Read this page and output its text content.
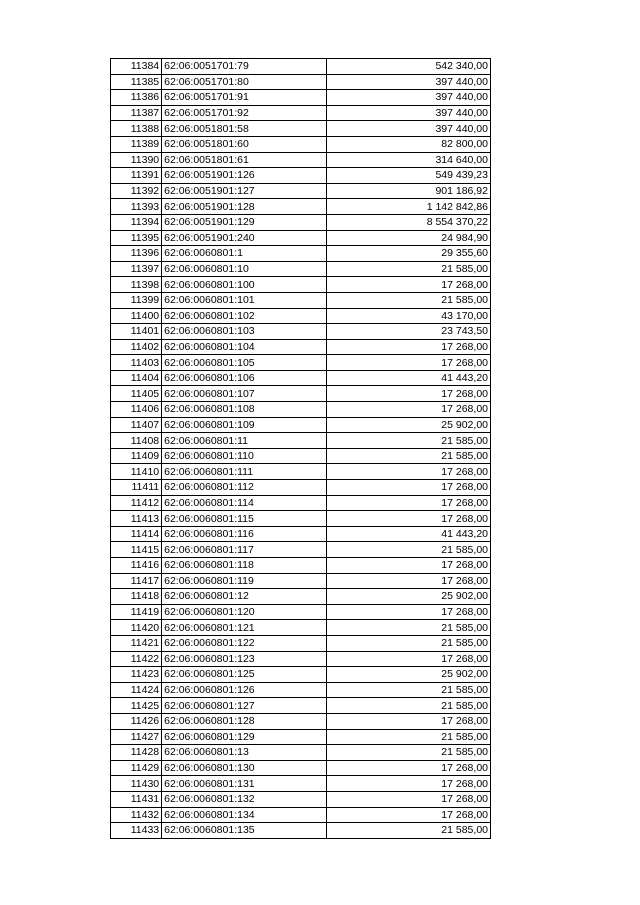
11384	62:06:0051701:79	542 340,00
11385	62:06:0051701:80	397 440,00
11386	62:06:0051701:91	397 440,00
11387	62:06:0051701:92	397 440,00
11388	62:06:0051801:58	397 440,00
11389	62:06:0051801:60	82 800,00
11390	62:06:0051801:61	314 640,00
11391	62:06:0051901:126	549 439,23
11392	62:06:0051901:127	901 186,92
11393	62:06:0051901:128	1 142 842,86
11394	62:06:0051901:129	8 554 370,22
11395	62:06:0051901:240	24 984,90
11396	62:06:0060801:1	29 355,60
11397	62:06:0060801:10	21 585,00
11398	62:06:0060801:100	17 268,00
11399	62:06:0060801:101	21 585,00
11400	62:06:0060801:102	43 170,00
11401	62:06:0060801:103	23 743,50
11402	62:06:0060801:104	17 268,00
11403	62:06:0060801:105	17 268,00
11404	62:06:0060801:106	41 443,20
11405	62:06:0060801:107	17 268,00
11406	62:06:0060801:108	17 268,00
11407	62:06:0060801:109	25 902,00
11408	62:06:0060801:11	21 585,00
11409	62:06:0060801:110	21 585,00
11410	62:06:0060801:111	17 268,00
11411	62:06:0060801:112	17 268,00
11412	62:06:0060801:114	17 268,00
11413	62:06:0060801:115	17 268,00
11414	62:06:0060801:116	41 443,20
11415	62:06:0060801:117	21 585,00
11416	62:06:0060801:118	17 268,00
11417	62:06:0060801:119	17 268,00
11418	62:06:0060801:12	25 902,00
11419	62:06:0060801:120	17 268,00
11420	62:06:0060801:121	21 585,00
11421	62:06:0060801:122	21 585,00
11422	62:06:0060801:123	17 268,00
11423	62:06:0060801:125	25 902,00
11424	62:06:0060801:126	21 585,00
11425	62:06:0060801:127	21 585,00
11426	62:06:0060801:128	17 268,00
11427	62:06:0060801:129	21 585,00
11428	62:06:0060801:13	21 585,00
11429	62:06:0060801:130	17 268,00
11430	62:06:0060801:131	17 268,00
11431	62:06:0060801:132	17 268,00
11432	62:06:0060801:134	17 268,00
11433	62:06:0060801:135	21 585,00
